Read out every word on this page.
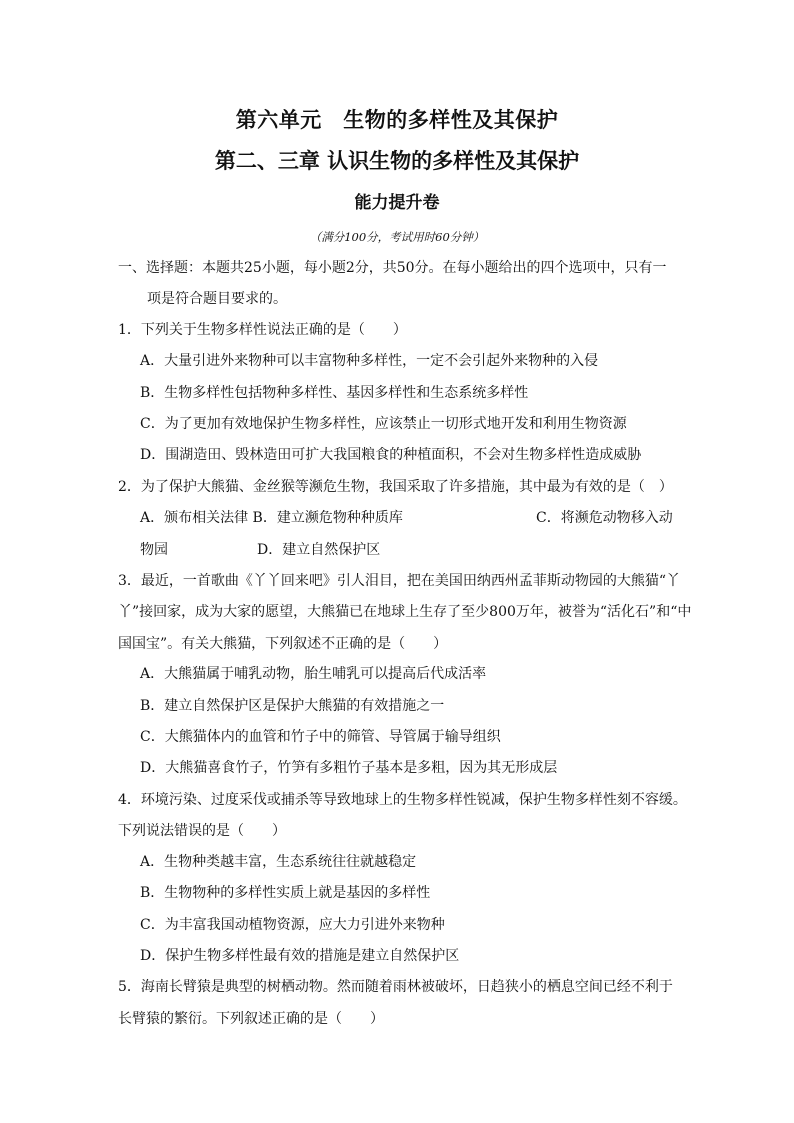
第六单元　生物的多样性及其保护
第二、三章 认识生物的多样性及其保护
能力提升卷
（满分100分，考试用时60分钟）
一、选择题：本题共25小题，每小题2分，共50分。在每小题给出的四个选项中，只有一
项是符合题目要求的。
1．下列关于生物多样性说法正确的是（　　）
A．大量引进外来物种可以丰富物种多样性，一定不会引起外来物种的入侵
B．生物多样性包括物种多样性、基因多样性和生态系统多样性
C．为了更加有效地保护生物多样性，应该禁止一切形式地开发和利用生物资源
D．围湖造田、毁林造田可扩大我国粮食的种植面积，不会对生物多样性造成威胁
2．为了保护大熊猫、金丝猴等濒危生物，我国采取了许多措施，其中最为有效的是（　）
A．颁布相关法律 B．建立濒危物种种质库	C．将濒危动物移入动
物园	D．建立自然保护区
3．最近，一首歌曲《丫丫回来吧》引人泪目，把在美国田纳西州孟菲斯动物园的大熊猫“丫
丫”接回家，成为大家的愿望，大熊猫已在地球上生存了至少800万年，被誉为“活化石”和“中
国国宝”。有关大熊猫，下列叙述不正确的是（　　）
A．大熊猫属于哺乳动物，胎生哺乳可以提高后代成活率
B．建立自然保护区是保护大熊猫的有效措施之一
C．大熊猫体内的血管和竹子中的筛管、导管属于输导组织
D．大熊猫喜食竹子，竹笋有多粗竹子基本是多粗，因为其无形成层
4．环境污染、过度采伐或捕杀等导致地球上的生物多样性锐减，保护生物多样性刻不容缓。
下列说法错误的是（　　）
A．生物种类越丰富，生态系统往往就越稳定
B．生物物种的多样性实质上就是基因的多样性
C．为丰富我国动植物资源，应大力引进外来物种
D．保护生物多样性最有效的措施是建立自然保护区
5．海南长臂猿是典型的树栖动物。然而随着雨林被破坏，日趋狭小的栖息空间已经不利于
长臂猿的繁衍。下列叙述正确的是（　　）
